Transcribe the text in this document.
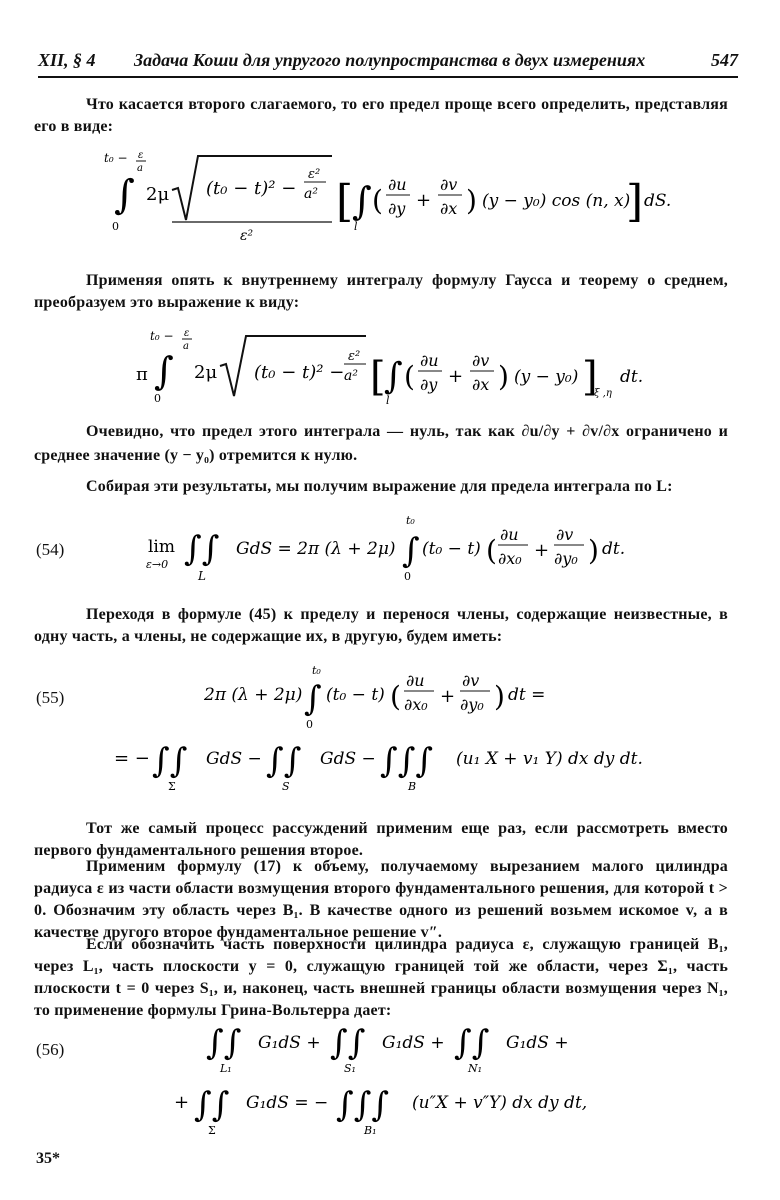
XII, § 4 Задача Коши для упругого полупространства в двух измерениях	547
Что касается второго слагаемого, то его предел проще всего определить, представляя его в виде:
t₀ − ε
a
∫
0
2μ (t₀ − t)² −
ε²
a²
ε²
[
∫
l
( ∂u
∂y +
∂v
∂x ) (y − y₀) cos (n, x)
] dS.
Применяя опять к внутреннему интегралу формулу Гаусса и теорему о среднем, преобразуем это выражение к виду:
t₀ − ε
a
π ∫
0
2μ (t₀ − t)² −
ε²
a² [
∫
l
( ∂u
∂y +
∂v
∂x ) (y − y₀) ]
ξ ,η
dt.
Очевидно, что предел этого интеграла — нуль, так как ∂u/∂y + ∂v/∂x ограничено и среднее значение (y − y₀) отремится к нулю.
Собирая эти результаты, мы получим выражение для предела интеграла по L:
(54)	lim
ε→0 ∫∫
L
GdS = 2π (λ + 2μ)
t₀
∫
0
(t₀ − t) ( ∂u
∂x₀ +
∂v
∂y₀ ) dt.
Переходя в формуле (45) к пределу и перенося члены, содержащие неизвестные, в одну часть, а члены, не содержащие их, в другую, будем иметь:
(55)	2π (λ + 2μ)
t₀
∫
0
(t₀ − t) ( ∂u
∂x₀ +
∂v
∂y₀ ) dt =
= − ∫∫
Σ
GdS − ∫∫
S
GdS − ∫∫∫
B
(u₁ X + v₁ Y) dx dy dt.
Тот же самый процесс рассуждений применим еще раз, если рассмотреть вместо первого фундаментального решения второе.
Применим формулу (17) к объему, получаемому вырезанием малого цилиндра радиуса ε из части области возмущения второго фундаментального решения, для которой t > 0. Обозначим эту область через B₁. В качестве одного из решений возьмем искомое v, а в качестве другого второе фундаментальное решение v″.
Если обозначить часть поверхности цилиндра радиуса ε, служащую границей B₁, через L₁, часть плоскости y = 0, служащую границей той же области, через Σ₁, часть плоскости t = 0 через S₁, и, наконец, часть внешней границы области возмущения через N₁, то применение формулы Грина-Вольтерра дает:
(56)	∫∫
L₁
G₁dS + ∫∫
S₁
G₁dS + ∫∫
N₁
G₁dS +
+ ∫∫
Σ
G₁dS = − ∫∫∫
B₁
(u″X + v″Y) dx dy dt,
35*
